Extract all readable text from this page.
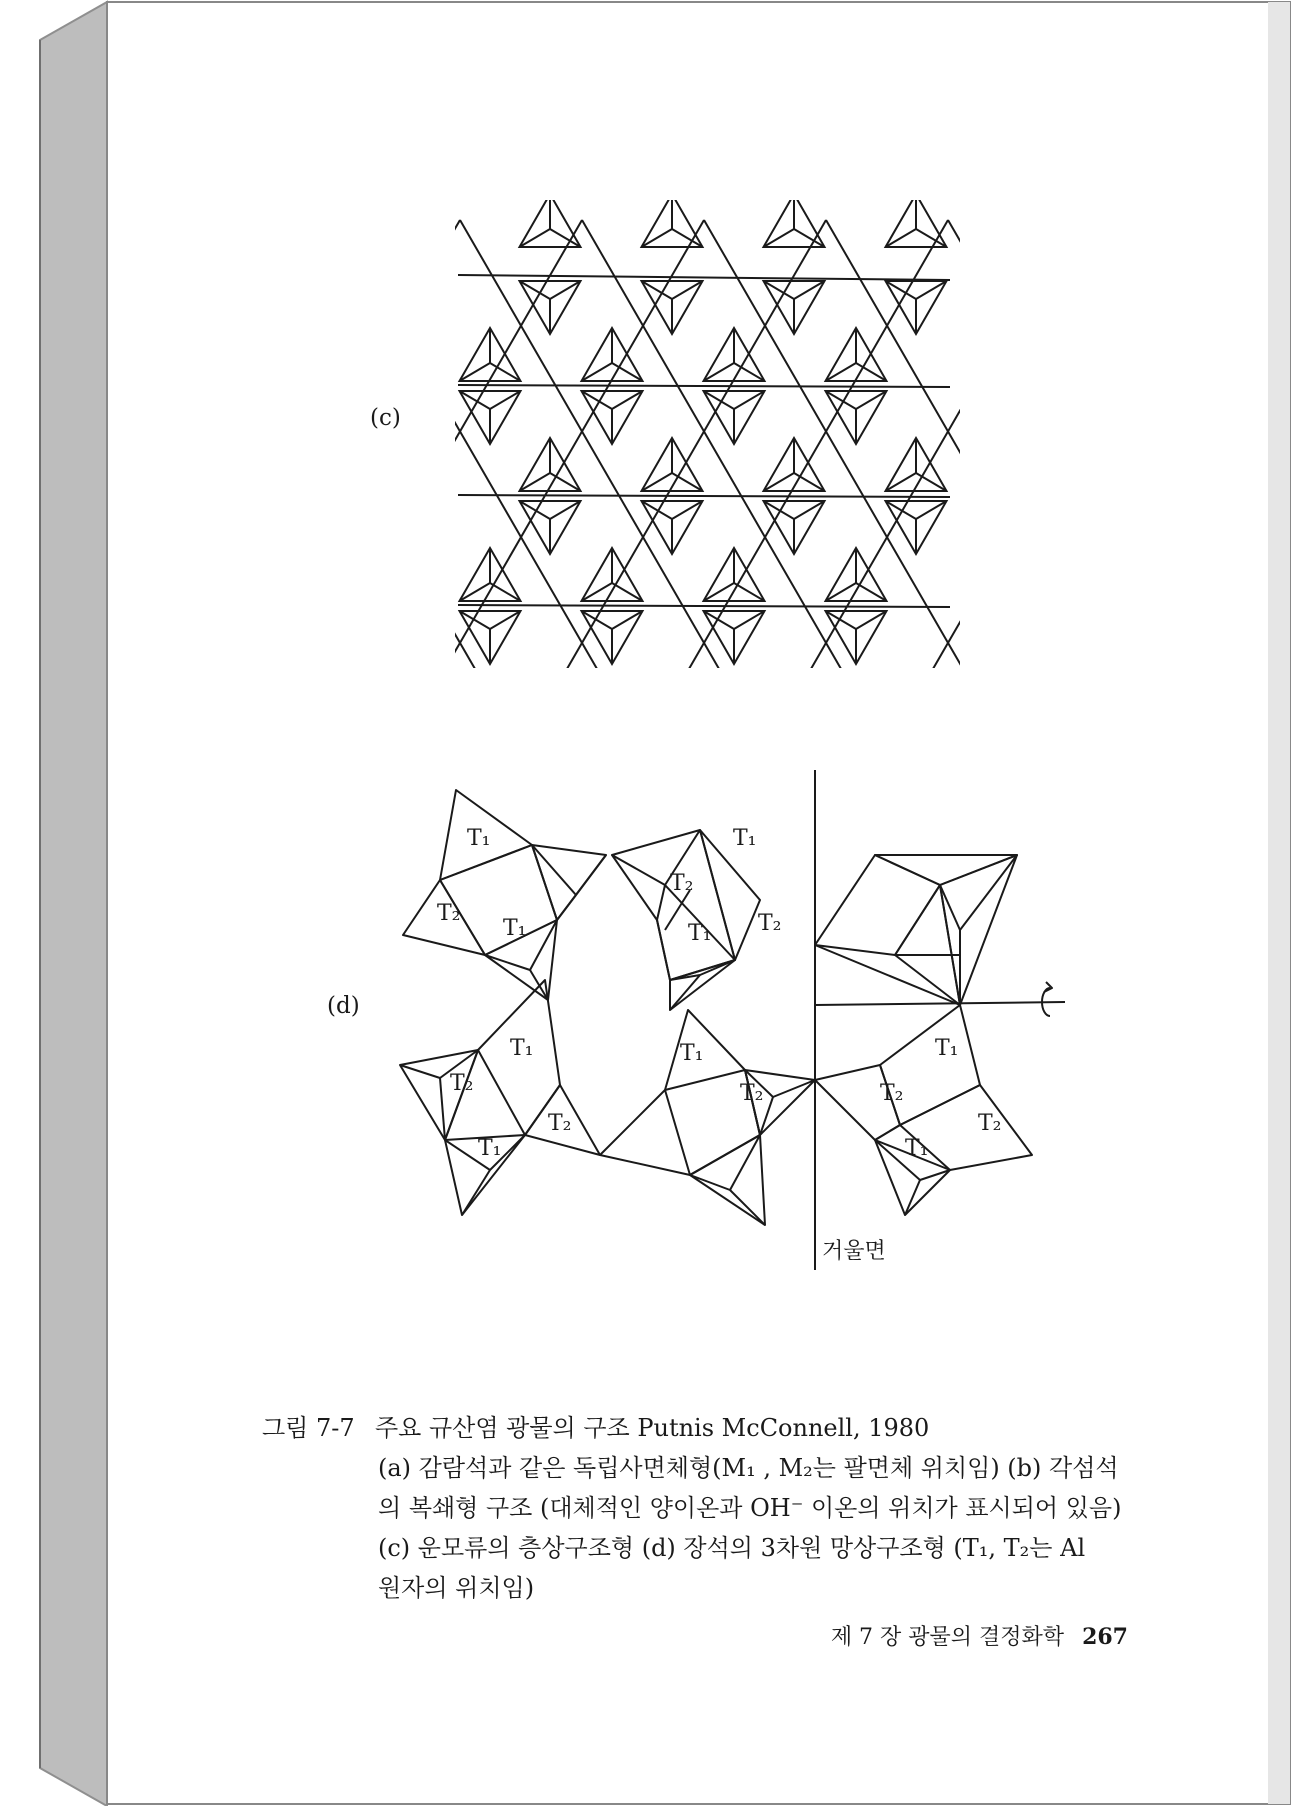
(c)
(d)
T₁
T₂
T₁
T₁
T₂
T₁ T₂
T₁
T₂
T₁
T₂
T₁
T₂
T₁
T₂
T₁
T₂
거울면
그림 7-7 주요 규산염 광물의 구조 Putnis McConnell, 1980
(a) 감람석과 같은 독립사면체형(M₁ , M₂는 팔면체 위치임) (b) 각섬석
의 복쇄형 구조 (대체적인 양이온과 OH⁻ 이온의 위치가 표시되어 있음)
(c) 운모류의 층상구조형 (d) 장석의 3차원 망상구조형 (T₁, T₂는 Al
원자의 위치임)
제 7 장 광물의 결정화학 267
